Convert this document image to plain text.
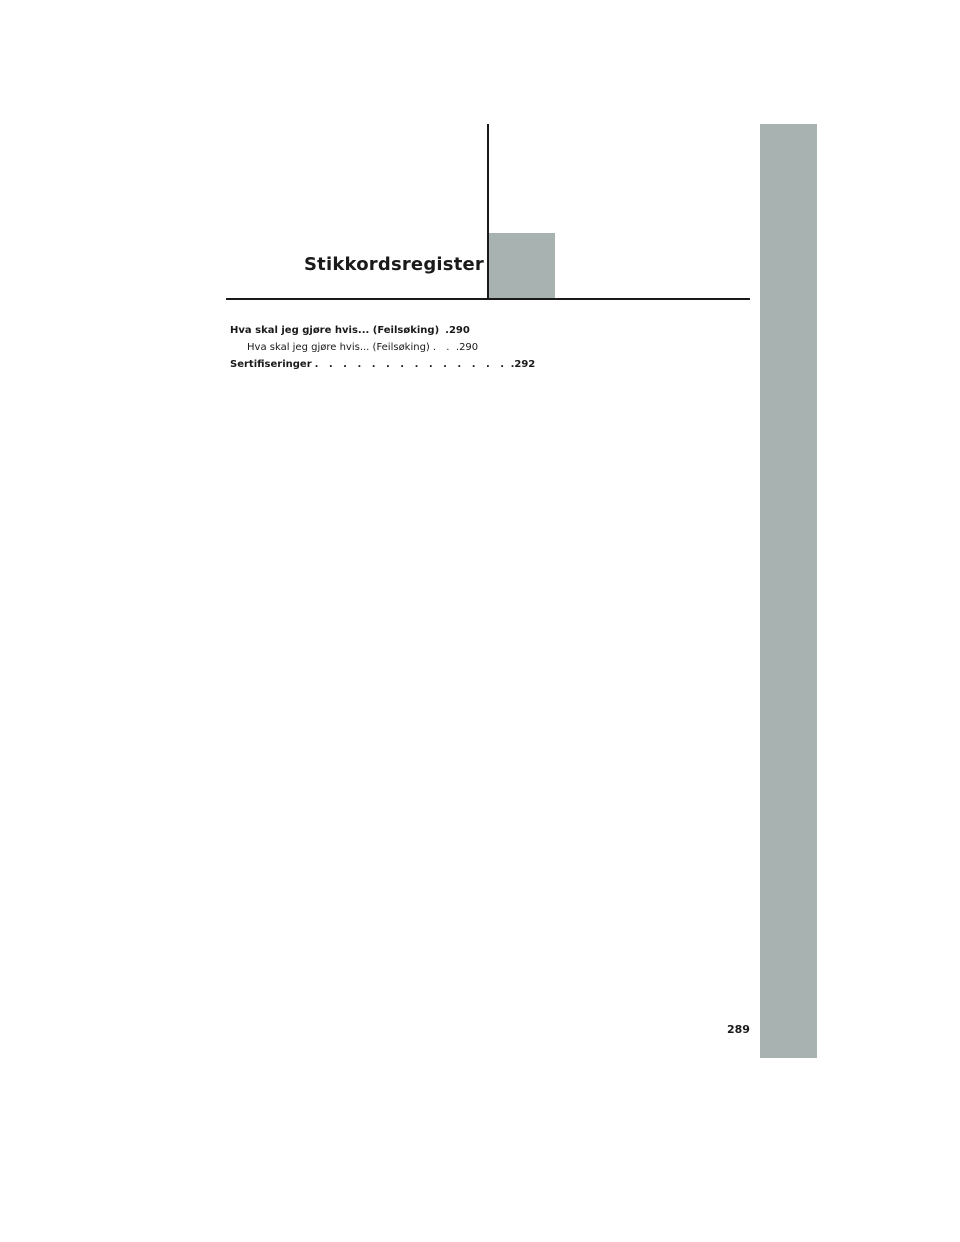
Stikkordsregister
Hva skal jeg gjøre hvis... (Feilsøking) .290
Hva skal jeg gjøre hvis... (Feilsøking) . . .290
Sertifiseringer . . . . . . . . . . . . . . .292
289
